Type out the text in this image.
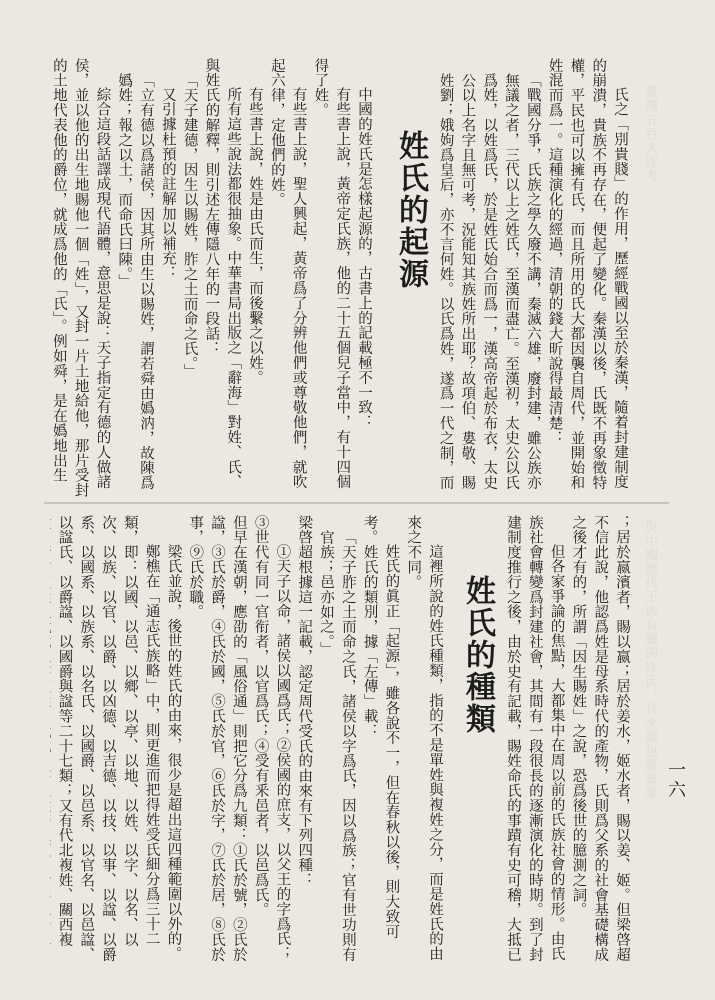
臺灣五百大姓考
與中國歷代王族有關的姓氏，其來源包羅萬象

氏之「別貴賤」的作用，歷經戰國以至於秦漢，隨着封建制度的崩潰，貴族不再存在，便起了變化。秦漢以後，氏既不再象徵特權，平民也可以擁有氏，而且所用的氏大都因襲自周代，並開始和姓混而爲一。這種演化的經過，清朝的錢大昕說得最清楚：

「戰國分爭，氏族之學久廢不講，秦滅六雄，廢封建，雖公族亦無議之者，三代以上之姓氏，至漢而盡亡。至漢初，太史公以氏爲姓，以姓爲氏，於是姓氏始合而爲一，漢高帝起於布衣，太史公以上名字且無可考，況能知其族姓所出耶？故項伯、婁敬、賜姓劉；娥姁爲皇后，亦不言何姓。以氏爲姓，遂爲一代之制，而

姓氏的起源

中國的姓氏是怎樣起源的，古書上的記載極不一致：

有些書上說，黃帝定氏族，他的二十五個兒子當中，有十四個得了姓。

有些書上說，聖人興起，黃帝爲了分辨他們或尊敬他們，就吹起六律，定他們的姓。

有些書上說，姓是由氏而生，而後繫之以姓。

所有這些說法都很抽象。中華書局出版之「辭海」對姓、氏、與姓氏的解釋，則引述左傳隱八年的一段話：

「天子建德，因生以賜姓，胙之土而命之氏。」

又引據杜預的註解加以補充：

「立有德以爲諸侯，因其所由生以賜姓，謂若舜由嬀汭，故陳爲嬀姓；報之以土，而命氏曰陳。」

綜合這段話譯成現代語體，意思是說：天子指定有德的人做諸侯，並以他的出生地賜他一個「姓」，又封一片土地給他，那片受封的土地代表他的爵位，就成爲他的「氏」。例如舜，是在嬀地出生

；居於嬴濱者，賜以嬴；居於姜水，姬水者，賜以姜、姬。但梁啓超不信此說，他認爲姓是母系時代的產物，氏則爲父系的社會基礎構成之後才有的，所謂「因生賜姓」之說，恐爲後世的臆測之詞。

但各家爭論的焦點，大都集中在周以前的氏族社會的情形。由氏族社會轉變爲封建社會，其間有一段很長的逐漸演化的時期。到了封建制度推行之後，由於史有記載，賜姓命氏的事蹟有史可稽，大抵已

姓氏的種類

這裡所說的姓氏種類，指的不是單姓與複姓之分，而是姓氏的由來之不同。

姓氏的眞正「起源」，雖各說不一，但在春秋以後，則大致可考。姓氏的類別，據「左傳」載：

「天子胙之土而命之氏，諸侯以字爲氏，因以爲族；官有世功則有官族；邑亦如之。」

梁啓超根據這一記載，認定周代受氏的由來有下列四種：

①天子以命，諸侯以國爲氏；②侯國的庶支，以父王的字爲氏；③世代有同一官衔者，以官爲氏；④受有釆邑者，以邑爲氏。

但早在漢朝，應劭的「風俗通」則把它分爲九類：①氏於號，②氏於諡，③氏於爵，④氏於國，⑤氏於官，⑥氏於字，⑦氏於居，⑧氏於事，⑨氏於職。

梁氏並說，後世的姓氏的由來，很少是超出這四種範圍以外的。

鄭樵在「通志氏族略」中，則更進而把得姓受氏細分爲三十二類，即：以國、以邑、以鄉、以亭、以地、以姓、以字、以名、以次、以族、以官、以爵、以凶德、以吉德、以技、以事、以諡、以爵系、以國系、以族系、以名氏、以國爵、以邑系、以官名、以邑諡、以諡氏、以爵諡、以國爵與諡等二十七類；又有代北複姓、關西複

一六
